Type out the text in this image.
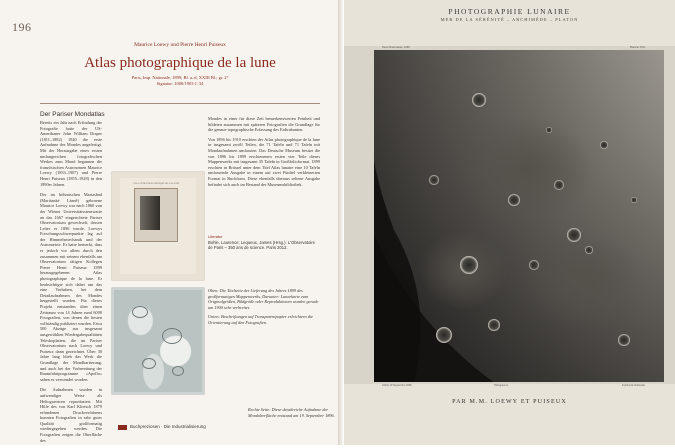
196
Maurice Loewy und Pierre Henri Puiseux
Atlas photographique de la lune
Paris, Imp. Nationale, 1899; Bl. a–d, XXIII Bl.; gr. 2°
Signatur: 1000/1903 C 34
Der Pariser Mondatlas

Bereits ein Jahr nach Erfindung der Fotografie hatte der US-Amerikaner John William Draper (1811–1882) 1840 die erste Aufnahme des Mondes angefertigt. Mit der Herausgabe eines ersten umfangreichen fotografischen Werkes zum Mond begannen die französischen Astronomen Maurice Loewy (1833–1907) und Pierre Henri Puiseux (1855–1928) in den 1890er Jahren.

Der im böhmischen Mariasbad (Mariánské Lázně) geborene Maurice Loewy war nach 1860 von der Wiener Universitätssternwarte an das 1667 eingerichtete Pariser Observatorium gewechselt, dessen Leiter er 1896 wurde. Loewys Forschungsschwerpunkte lag auf der Himmelsmechanik und der Astrometrie. Er hatte bemerkt, dass er jedoch vor allem durch den zusammen mit seinem ebenfalls am Observatorium tätigen Kollegen Pierre Henri Puiseux 1899 herausgegebenen Atlas photographique de la lune. Er beabsichtigte sich dabei um das eine Vorhaben, bei dem Detailaufnahmen des Mondes hergestellt wurden. Für dieses Projekt entstanden über einen Zeitraum von 14 Jahren rund 6000 Fotografien, von denen die besten vollständig publiziert wurden. Etwa 500 Abzüge aus insgesamt ausgewählten Wiedergabequalitäten Teleskoplatten, die im Pariser Observatorium nach Loewy und Puiseux dann gezeichnet. Über 30 Jahre lang blieb das Werk die Grundlage der Mondkartierung, und auch bei der Vorbereitung der Raumfahrtprogramme «Apollo» sahen es verwendet worden.

Die Aufnahmen wurden in aufwendiger Weise als Heliogravüren reproduziert. Mit Hilfe des von Karl Klietsch 1879 erfundenen Druckverfahrens konnten Fotografien in sehr guter Qualität großformatig wiedergegeben werden. Die Fotografien zeigen die Oberfläche des

ATLAS PHOTOGRAPHIQUE DE LA LUNE

Mondes in einer für diese Zeit bemerkenswerten Feinheit und bildeten zusammen mit späteren Fotografien die Grundlage für die genaue topographische Erfassung des Erdtrabanten.

Von 1896 bis 1910 erschien der Atlas photographique de la lune in insgesamt zwölf Teilen, die 71 Tafeln und 71 Tafeln mit Mondaufnahmen umfassten. Das Deutsche Museum besitzt die von 1896 bis 1899 erschienenen ersten vier Teile dieses Mappenwerks mit insgesamt 35 Tafeln in Großfolioformat. 1899 erschien in Brüssel unter dem Titel Atlas lunaire eine 10 Tafeln umfassende Ausgabe in einem auf zwei Fünftel verkleinerten Format in Buchform. Diese ebenfalls überaus seltene Ausgabe befindet sich auch im Bestand der Museumsbibliothek.

Literatur
Bohle, Laurence; Lequeux, James (Hrsg.): L'Observatoire de Paris – 350 ans de science. Paris 2012.

Oben: Die Titelseite der Lieferung des Jahres 1899 des großformatigen Mappenwerks. Darunter: Lunarkarte zum Originalgrößen, Bildgröße oder Reproduktionen wurden gerade um 1900 sehr verbreitet.

Unten: Beschriftungen auf Transparentpapier erleichtern die Orientierung auf den Fotografien.

Rechte Seite: Diese detailreiche Aufnahme der Mondoberfläche entstand am 19. September 1896.
Buchpreziosen · Die Industrialisierung
PHOTOGRAPHIE LUNAIRE
MER DE LA SÉRÉNITÉ – ARCHIMÈDE – PLATON
Paris Observatoire, 1896	Planche XXIII
Cliché 19 Septembre 1896	Héliogravure	Imprimerie Nationale
PAR M.M. LOEWY ET PUISEUX
